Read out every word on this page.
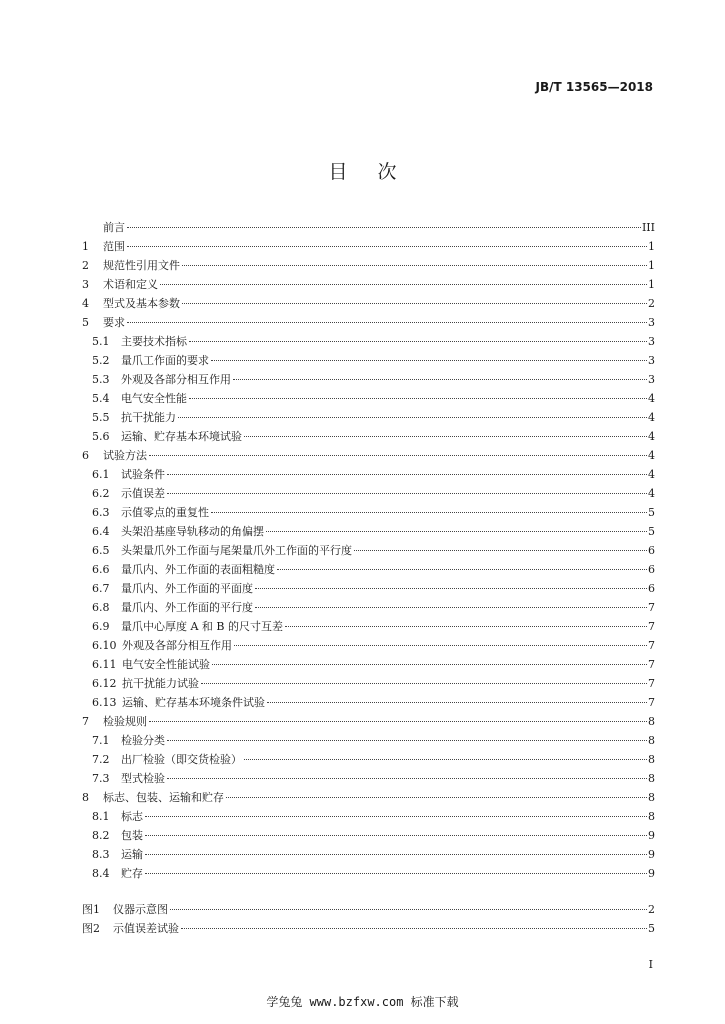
JB/T 13565—2018
目次
前言	III
1	范围	1
2	规范性引用文件	1
3	术语和定义	1
4	型式及基本参数	2
5	要求	3
5.1	主要技术指标	3
5.2	量爪工作面的要求	3
5.3	外观及各部分相互作用	3
5.4	电气安全性能	4
5.5	抗干扰能力	4
5.6	运输、贮存基本环境试验	4
6	试验方法	4
6.1	试验条件	4
6.2	示值误差	4
6.3	示值零点的重复性	5
6.4	头架沿基座导轨移动的角偏摆	5
6.5	头架量爪外工作面与尾架量爪外工作面的平行度	6
6.6	量爪内、外工作面的表面粗糙度	6
6.7	量爪内、外工作面的平面度	6
6.8	量爪内、外工作面的平行度	7
6.9	量爪中心厚度 A 和 B 的尺寸互差	7
6.10 外观及各部分相互作用	7
6.11 电气安全性能试验	7
6.12 抗干扰能力试验	7
6.13 运输、贮存基本环境条件试验	7
7	检验规则	8
7.1	检验分类	8
7.2	出厂检验（即交货检验）	8
7.3	型式检验	8
8	标志、包装、运输和贮存	8
8.1	标志	8
8.2	包装	9
8.3	运输	9
8.4	贮存	9
图1	仪器示意图	2
图2	示值误差试验	5
I
学兔兔 www.bzfxw.com 标准下载
